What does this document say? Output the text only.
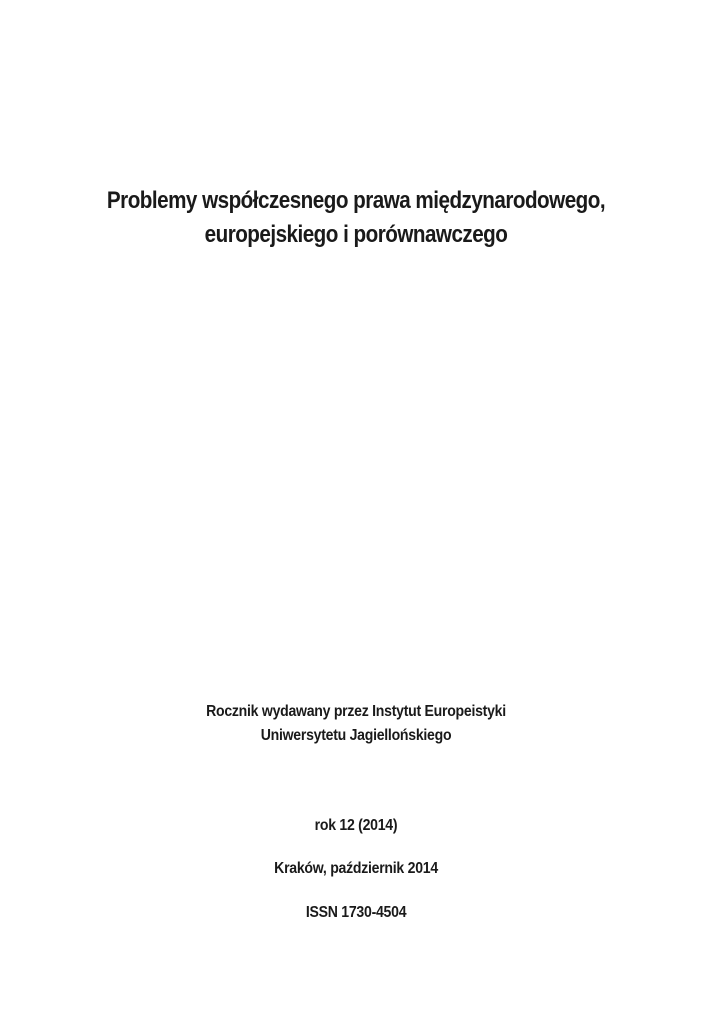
Problemy współczesnego prawa międzynarodowego,
europejskiego i porównawczego
Rocznik wydawany przez Instytut Europeistyki
Uniwersytetu Jagiellońskiego
rok 12 (2014)
Kraków, październik 2014
ISSN 1730-4504
